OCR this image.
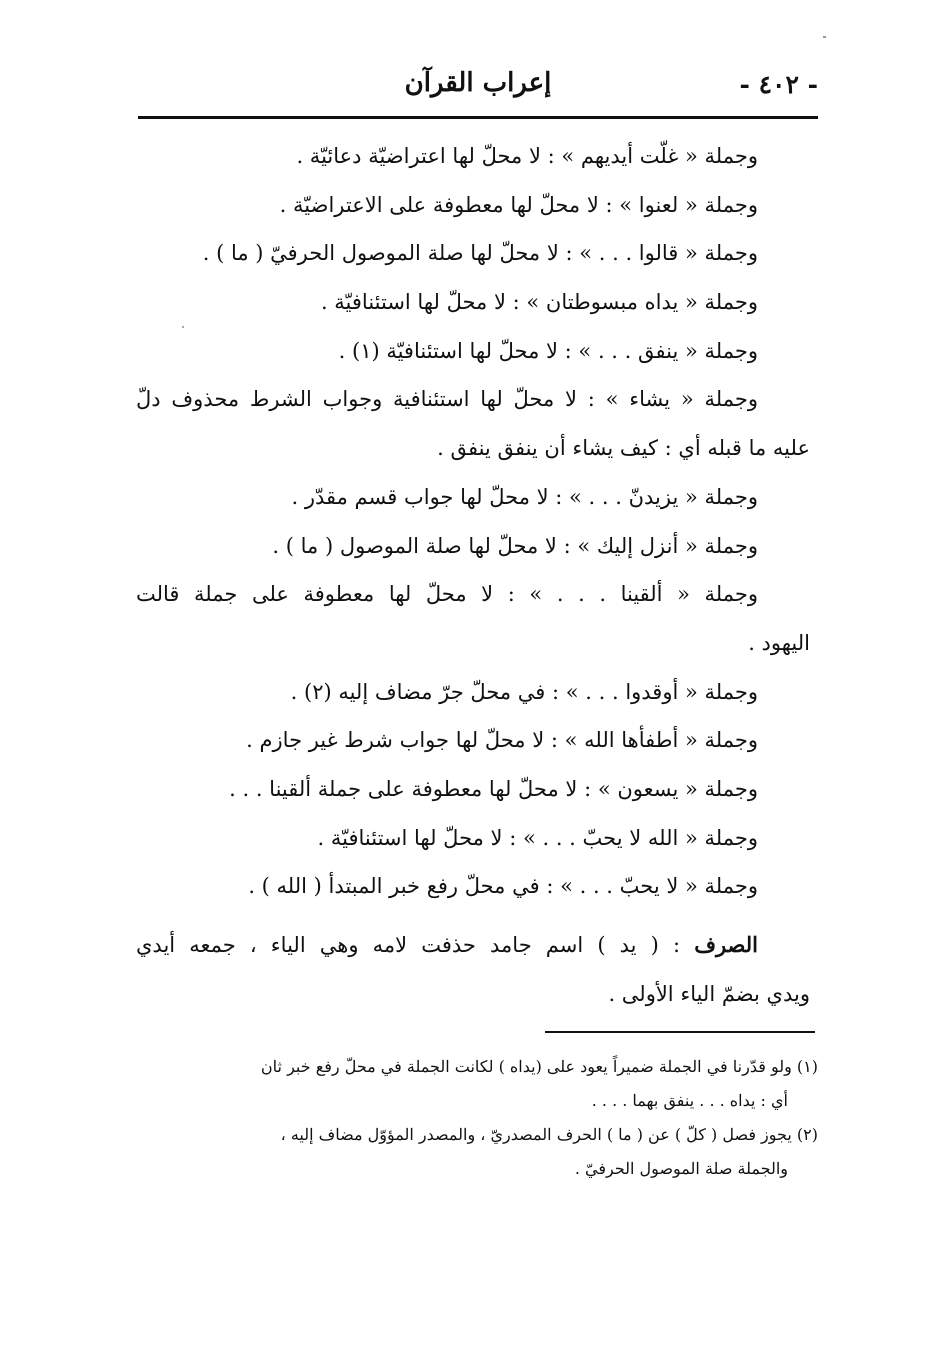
- ٤٠٢ -
إعراب القرآن
وجملة « غلّت أيديهم » : لا محلّ لها اعتراضيّة دعائيّة .
وجملة « لعنوا » : لا محلّ لها معطوفة على الاعتراضيّة .
وجملة « قالوا . . . » : لا محلّ لها صلة الموصول الحرفيّ ( ما ) .
وجملة « يداه مبسوطتان » : لا محلّ لها استئنافيّة .
وجملة « ينفق . . . » : لا محلّ لها استئنافيّة (١) .
وجملة « يشاء » : لا محلّ لها استئنافية وجواب الشرط محذوف دلّ
عليه ما قبله أي : كيف يشاء أن ينفق ينفق .
وجملة « يزيدنّ . . . » : لا محلّ لها جواب قسم مقدّر .
وجملة « أنزل إليك » : لا محلّ لها صلة الموصول ( ما ) .
وجملة « ألقينا . . . » : لا محلّ لها معطوفة على جملة قالت
اليهود .
وجملة « أوقدوا . . . » : في محلّ جرّ مضاف إليه (٢) .
وجملة « أطفأها الله » : لا محلّ لها جواب شرط غير جازم .
وجملة « يسعون » : لا محلّ لها معطوفة على جملة ألقينا . . .
وجملة « الله لا يحبّ . . . » : لا محلّ لها استئنافيّة .
وجملة « لا يحبّ . . . » : في محلّ رفع خبر المبتدأ ( الله ) .
الصرف : ( يد ) اسم جامد حذفت لامه وهي الياء ، جمعه أيدي
ويدي بضمّ الياء الأولى .
(١) ولو قدّرنا في الجملة ضميراً يعود على (يداه ) لكانت الجملة في محلّ رفع خبر ثان
أي : يداه . . . ينفق بهما . . . .
(٢) يجوز فصل ( كلّ ) عن ( ما ) الحرف المصدريّ ، والمصدر المؤوّل مضاف إليه ،
والجملة صلة الموصول الحرفيّ .
